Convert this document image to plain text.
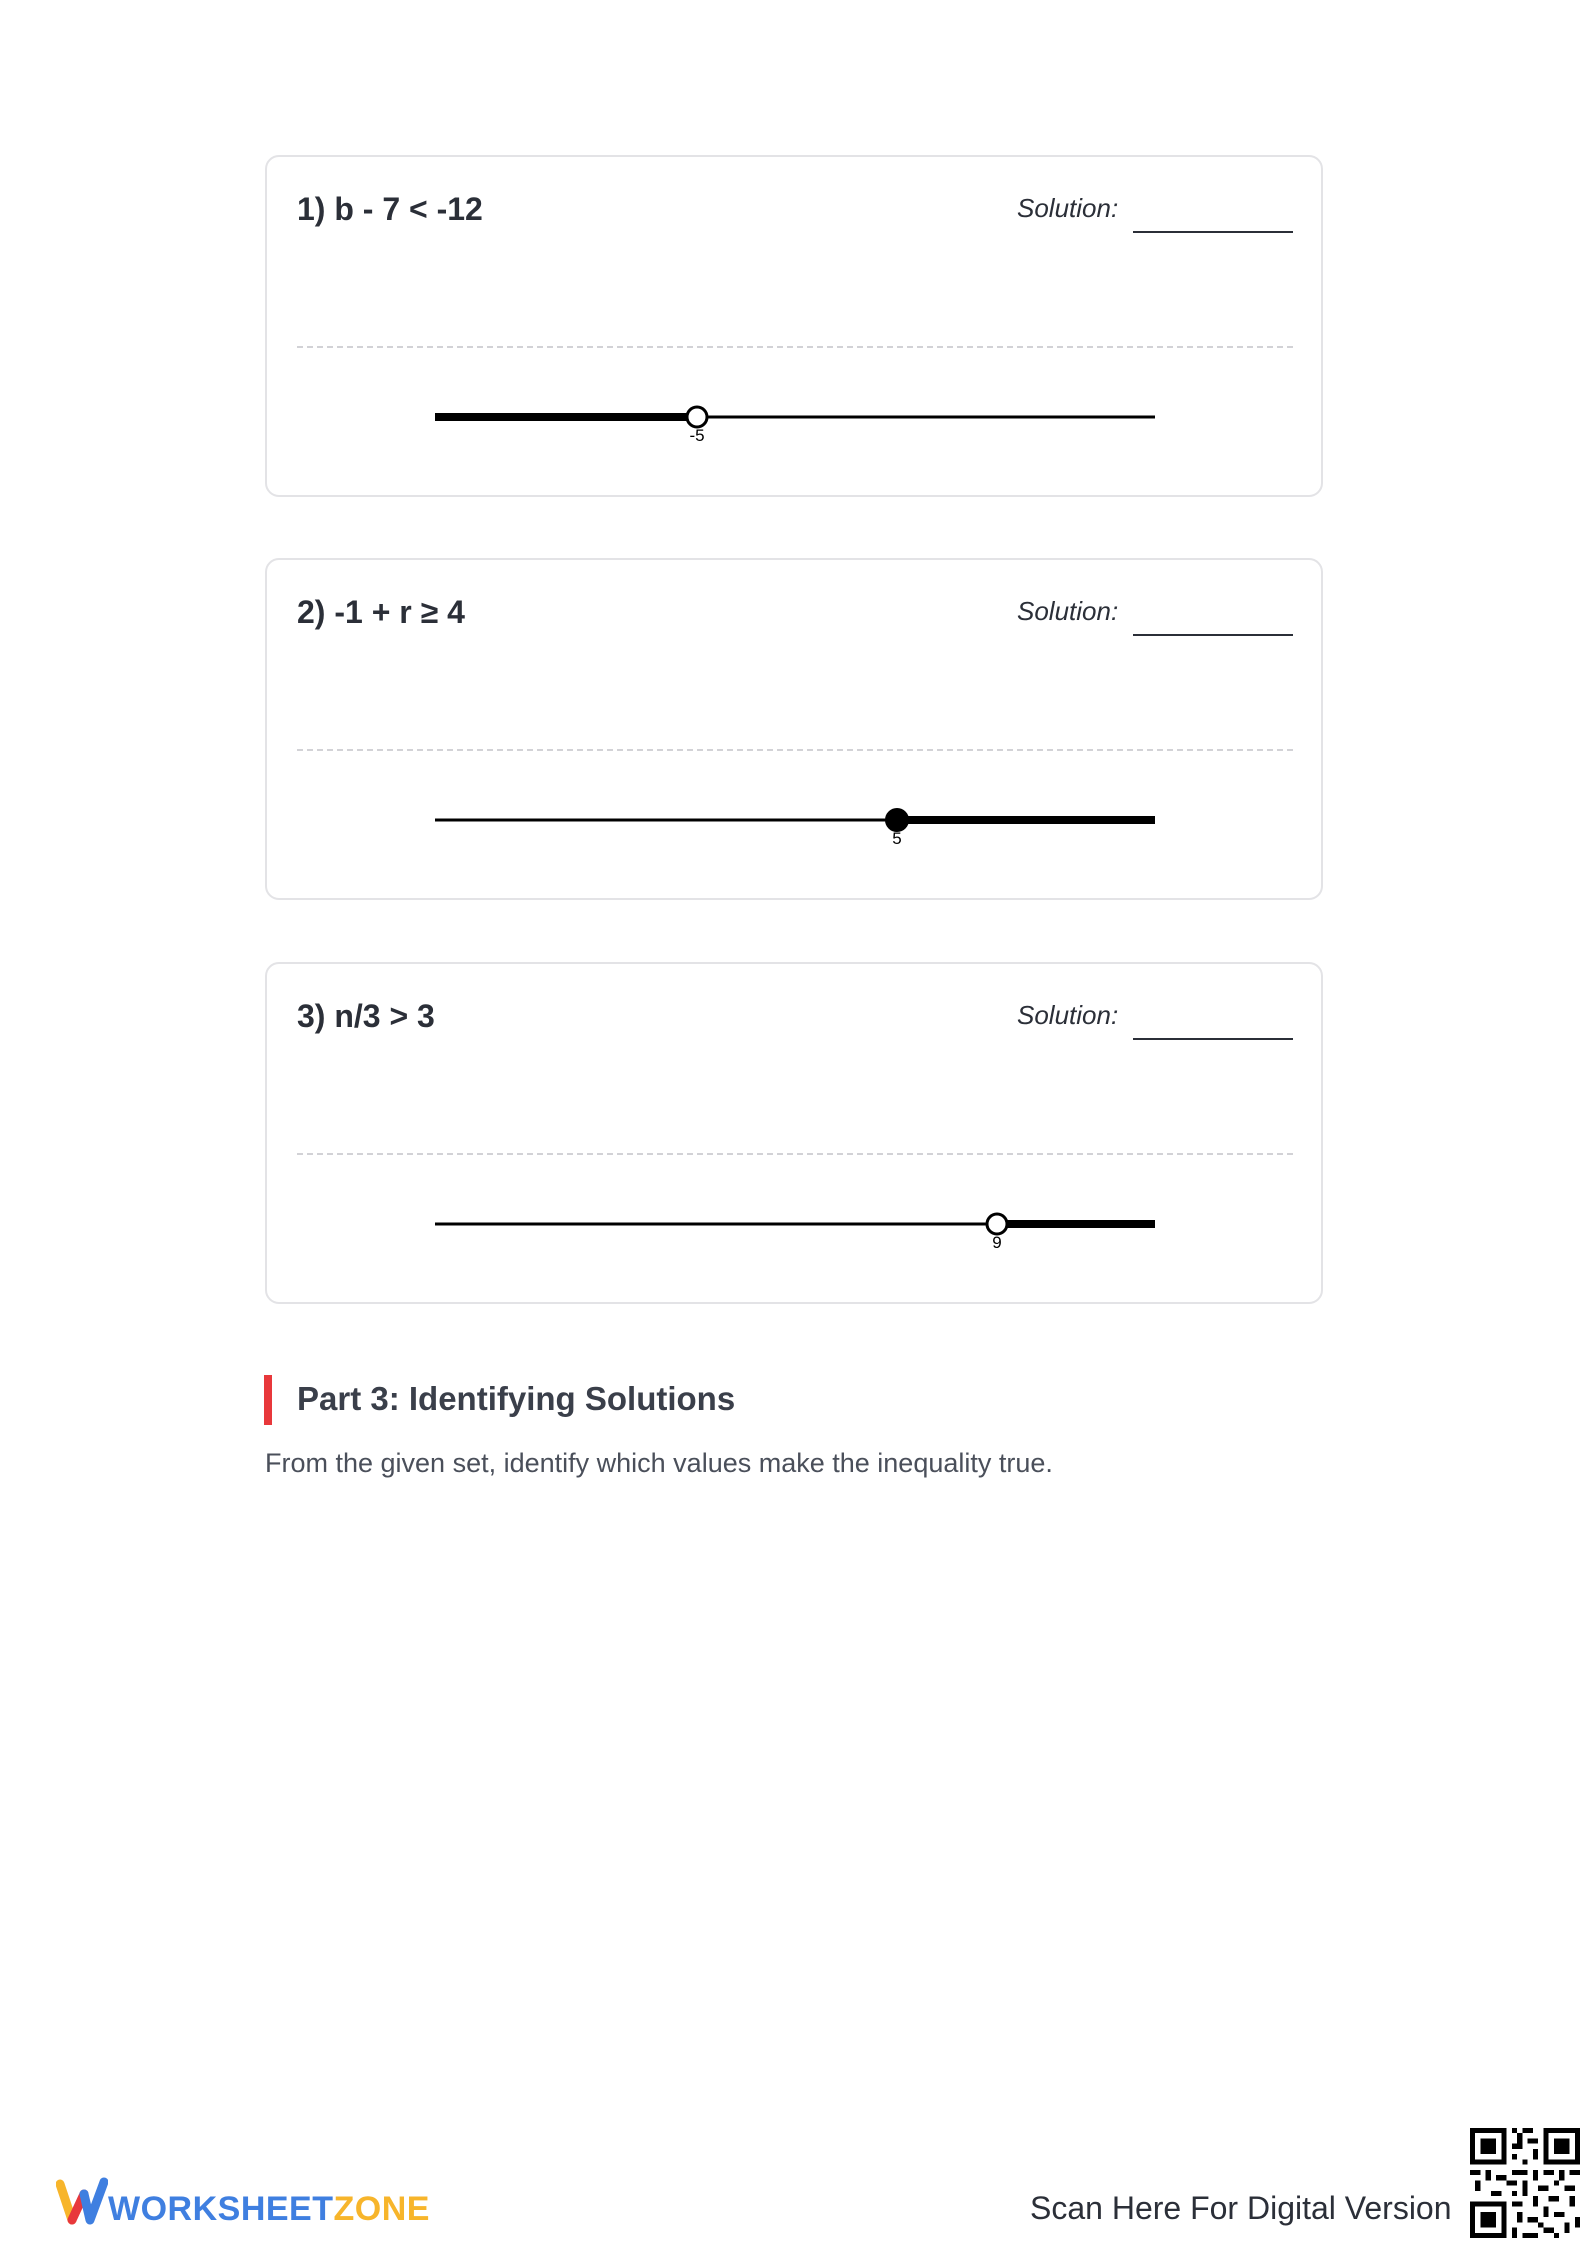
1) b - 7 < -12	Solution:
-5
2) -1 + r ≥ 4	Solution:
5
3) n/3 > 3	Solution:
9
Part 3: Identifying Solutions
From the given set, identify which values make the inequality true.
WORKSHEETZONE	Scan Here For Digital Version
